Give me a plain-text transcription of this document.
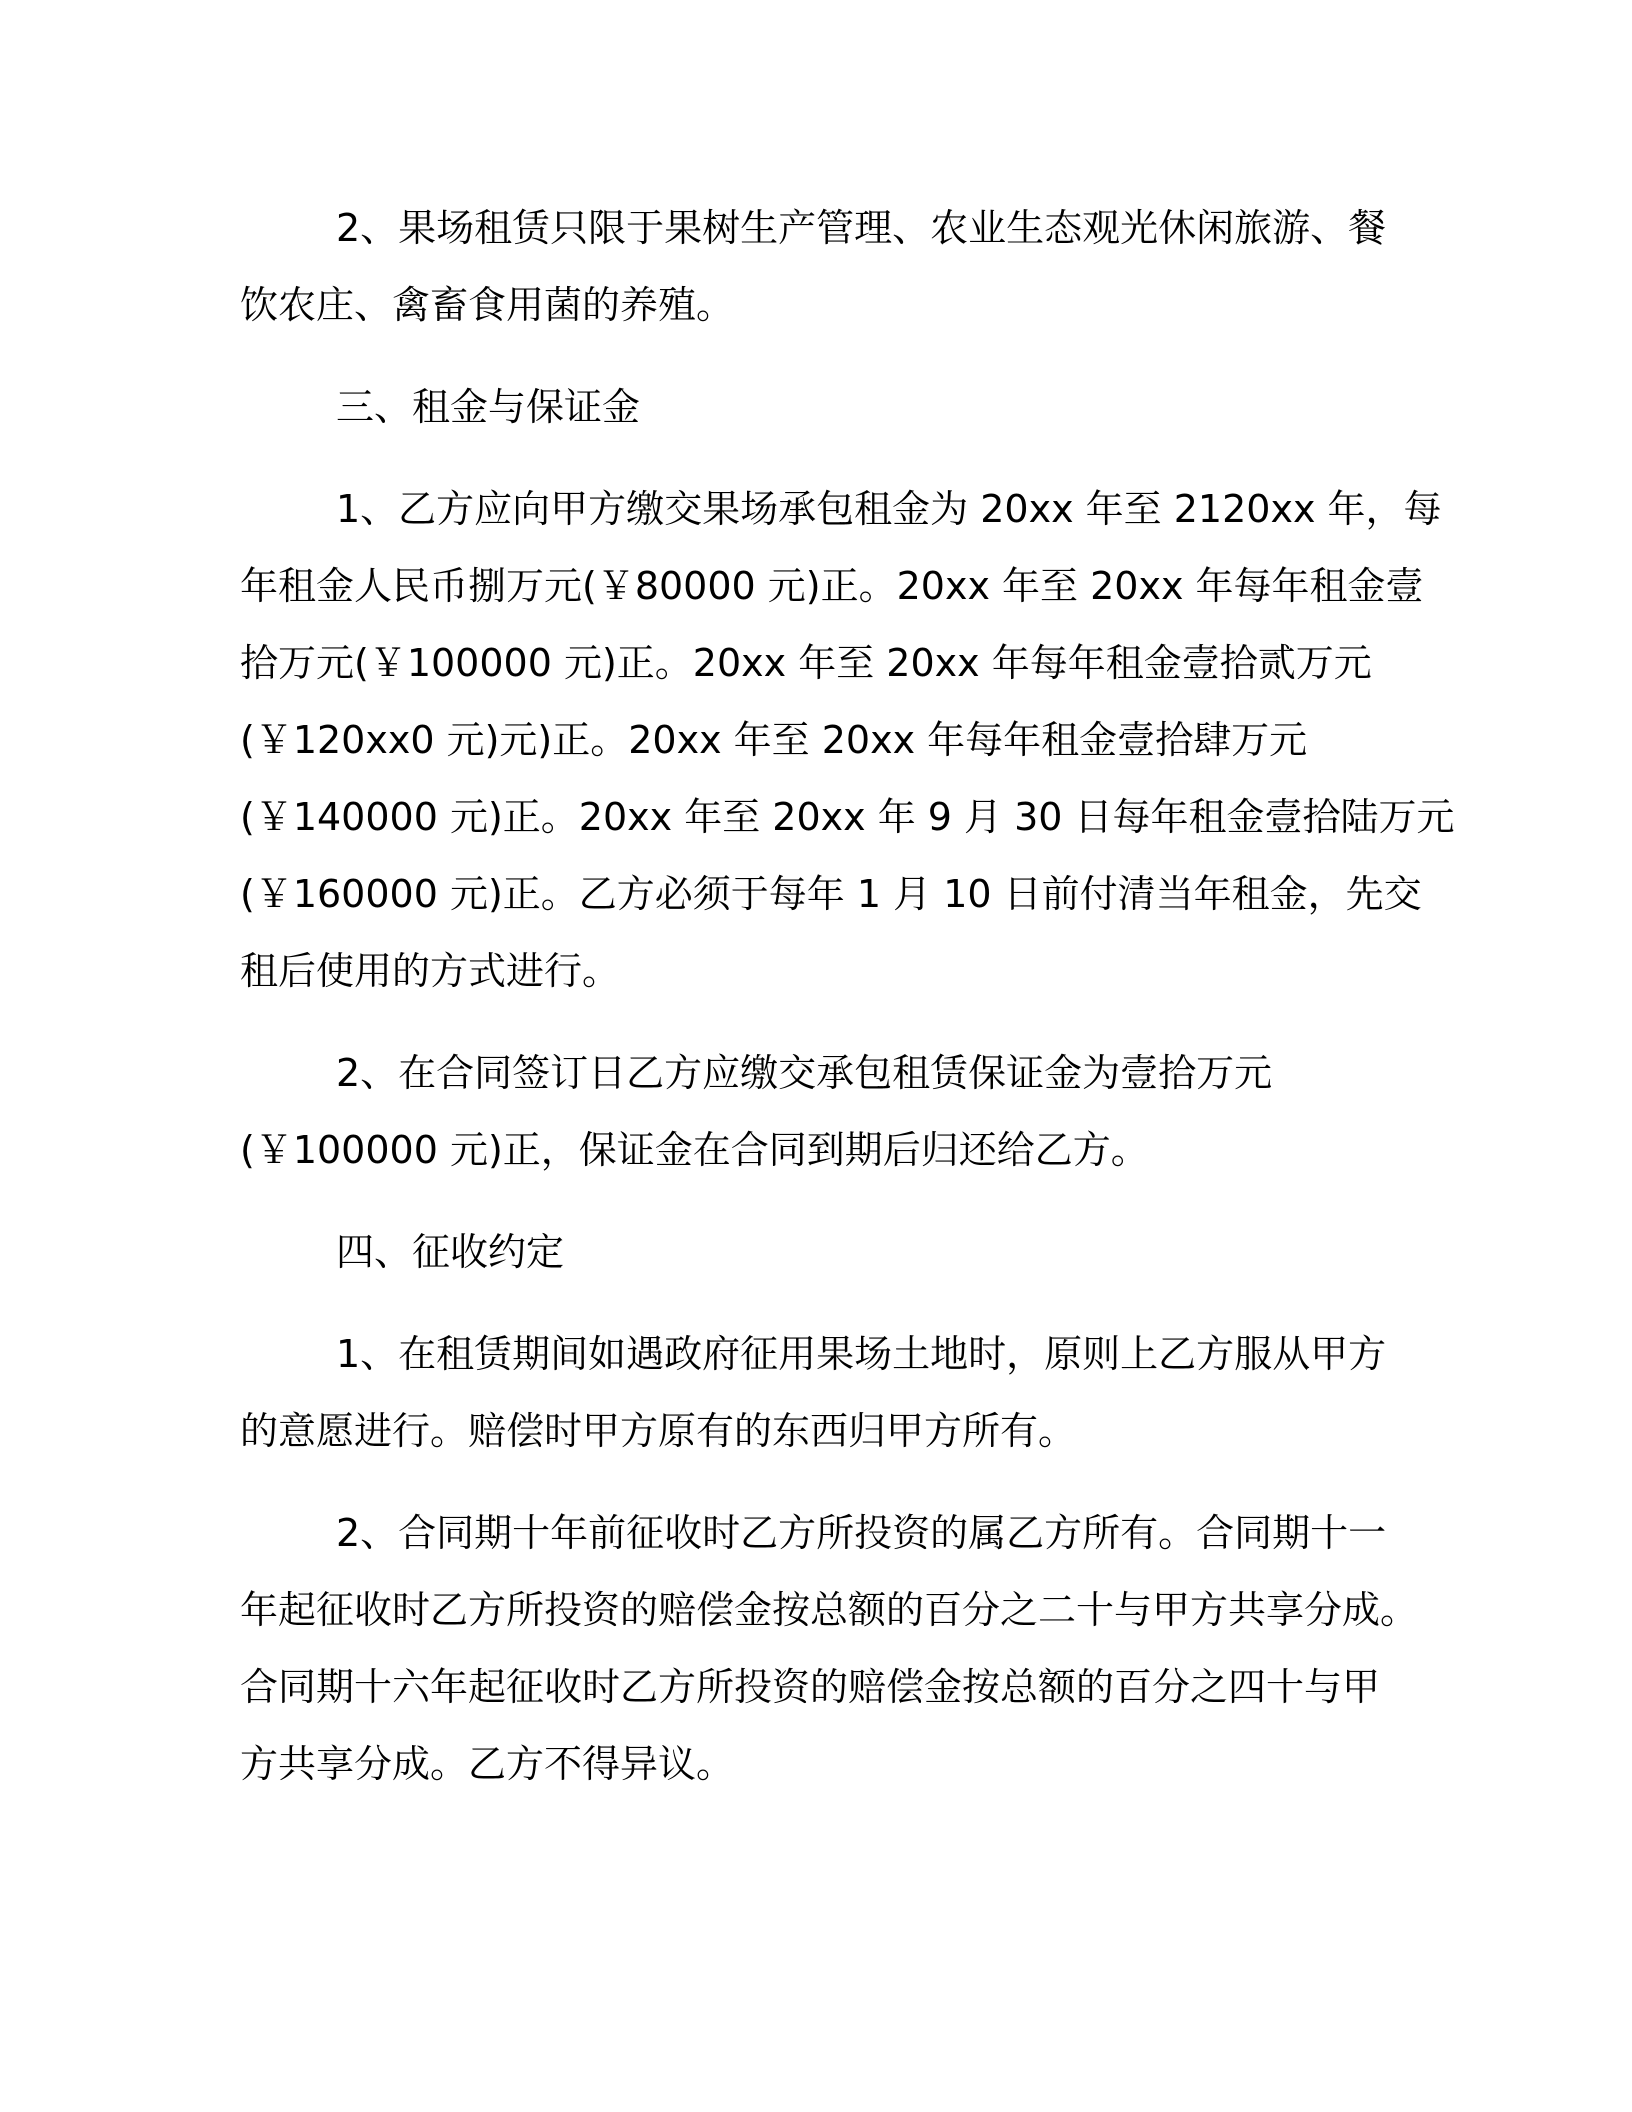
2、果场租赁只限于果树生产管理、农业生态观光休闲旅游、餐
饮农庄、禽畜食用菌的养殖。
三、租金与保证金
1、乙方应向甲方缴交果场承包租金为 20xx 年至 2120xx 年，每
年租金人民币捌万元(￥80000 元)正。20xx 年至 20xx 年每年租金壹
拾万元(￥100000 元)正。20xx 年至 20xx 年每年租金壹拾贰万元
(￥120xx0 元)元)正。20xx 年至 20xx 年每年租金壹拾肆万元
(￥140000 元)正。20xx 年至 20xx 年 9 月 30 日每年租金壹拾陆万元
(￥160000 元)正。乙方必须于每年 1 月 10 日前付清当年租金，先交
租后使用的方式进行。
2、在合同签订日乙方应缴交承包租赁保证金为壹拾万元
(￥100000 元)正，保证金在合同到期后归还给乙方。
四、征收约定
1、在租赁期间如遇政府征用果场土地时，原则上乙方服从甲方
的意愿进行。赔偿时甲方原有的东西归甲方所有。
2、合同期十年前征收时乙方所投资的属乙方所有。合同期十一
年起征收时乙方所投资的赔偿金按总额的百分之二十与甲方共享分成。
合同期十六年起征收时乙方所投资的赔偿金按总额的百分之四十与甲
方共享分成。乙方不得异议。
